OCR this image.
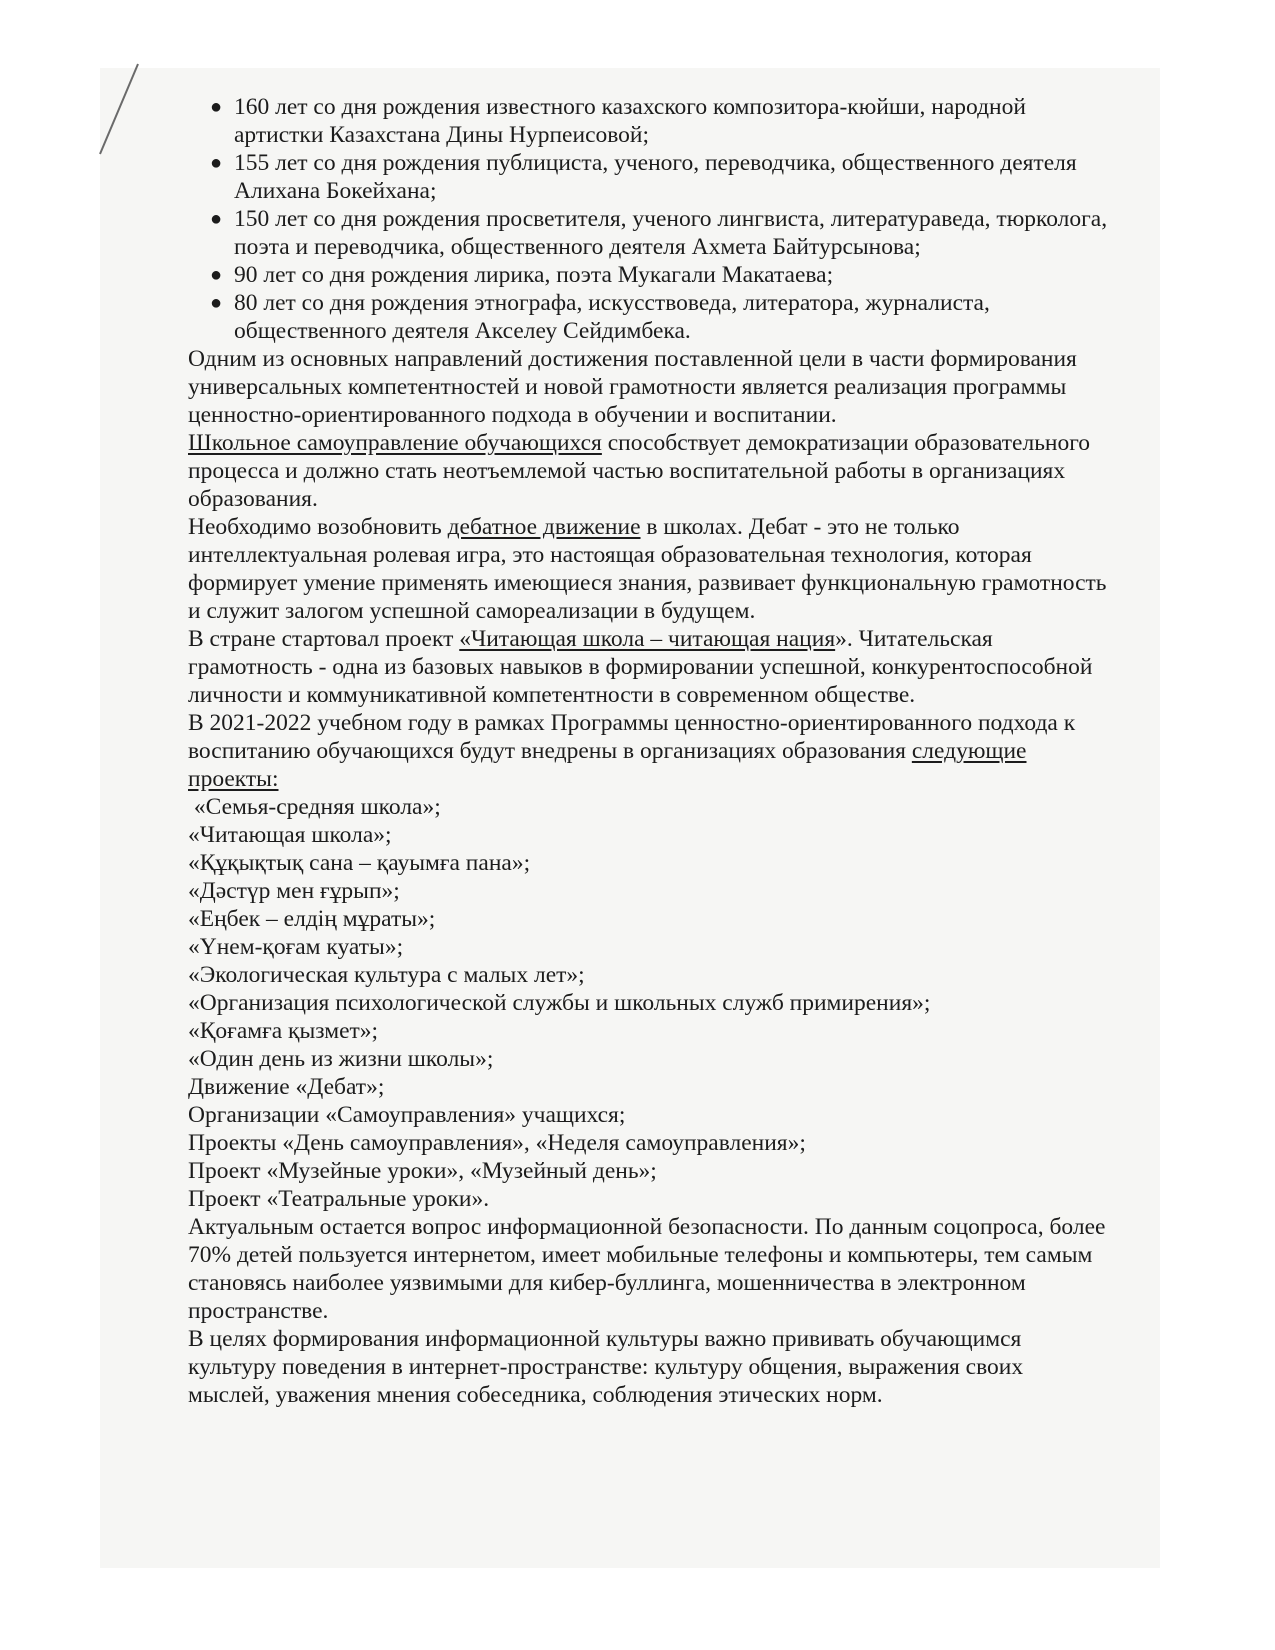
● 160 лет со дня рождения известного казахского композитора-кюйши, народной артистки Казахстана Дины Нурпеисовой;
● 155 лет со дня рождения публициста, ученого, переводчика, общественного деятеля Алихана Бокейхана;
● 150 лет со дня рождения просветителя, ученого лингвиста, литератураведа, тюрколога, поэта и переводчика, общественного деятеля Ахмета Байтурсынова;
● 90 лет со дня рождения лирика, поэта Мукагали Макатаева;
● 80 лет со дня рождения этнографа, искусствоведа, литератора, журналиста, общественного деятеля Акселеу Сейдимбека.

Одним из основных направлений достижения поставленной цели в части формирования универсальных компетентностей и новой грамотности является реализация программы ценностно-ориентированного подхода в обучении и воспитании.

Школьное самоуправление обучающихся способствует демократизации образовательного процесса и должно стать неотъемлемой частью воспитательной работы в организациях образования.

Необходимо возобновить дебатное движение в школах. Дебат - это не только интеллектуальная ролевая игра, это настоящая образовательная технология, которая формирует умение применять имеющиеся знания, развивает функциональную грамотность и служит залогом успешной самореализации в будущем.

В стране стартовал проект «Читающая школа – читающая нация». Читательская грамотность - одна из базовых навыков в формировании успешной, конкурентоспособной личности и коммуникативной компетентности в современном обществе.

В 2021-2022 учебном году в рамках Программы ценностно-ориентированного подхода к воспитанию обучающихся будут внедрены в организациях образования следующие проекты:

«Семья-средняя школа»;
«Читающая школа»;
«Құқықтық сана – қауымға пана»;
«Дәстүр мен ғұрып»;
«Еңбек – елдің мұраты»;
«Үнем-қоғам куаты»;
«Экологическая культура с малых лет»;
«Организация психологической службы и школьных служб примирения»;
«Қоғамға қызмет»;
«Один день из жизни школы»;
Движение «Дебат»;
Организации «Самоуправления» учащихся;
Проекты «День самоуправления», «Неделя самоуправления»;
Проект «Музейные уроки», «Музейный день»;
Проект «Театральные уроки».

Актуальным остается вопрос информационной безопасности. По данным соцопроса, более 70% детей пользуется интернетом, имеет мобильные телефоны и компьютеры, тем самым становясь наиболее уязвимыми для кибер-буллинга, мошенничества в электронном пространстве.

В целях формирования информационной культуры важно прививать обучающимся культуру поведения в интернет-пространстве: культуру общения, выражения своих мыслей, уважения мнения собеседника, соблюдения этических норм.
